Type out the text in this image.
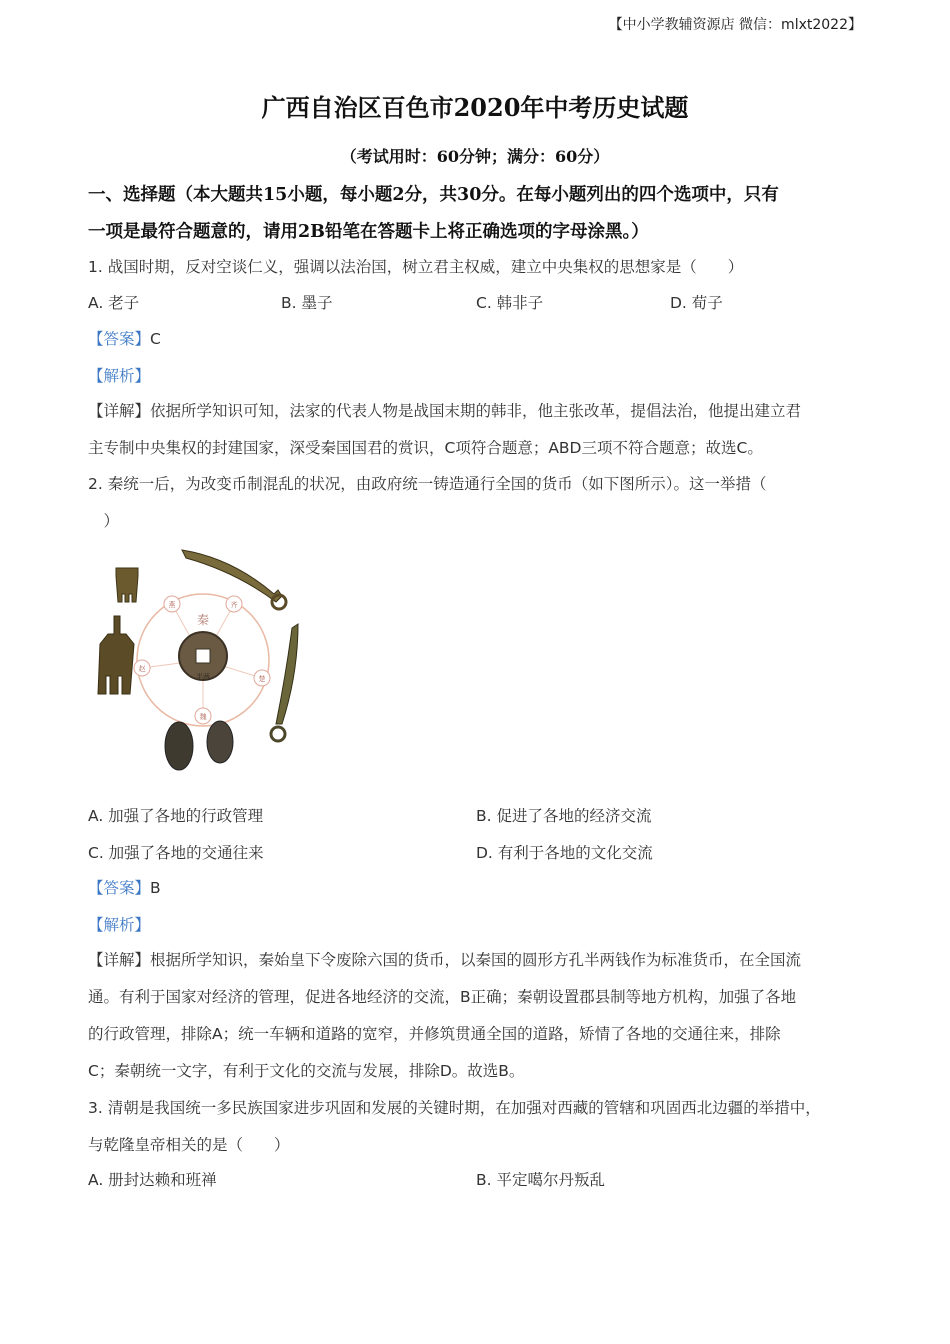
【中小学教辅资源店 微信：mlxt2022】
广西自治区百色市2020年中考历史试题
（考试用时：60分钟；满分：60分）
一、选择题（本大题共15小题，每小题2分，共30分。在每小题列出的四个选项中，只有
一项是最符合题意的，请用2B铅笔在答题卡上将正确选项的字母涂黑。）
1. 战国时期，反对空谈仁义，强调以法治国，树立君主权威，建立中央集权的思想家是（　　）
A. 老子	B. 墨子	C. 韩非子	D. 荀子
【答案】C
【解析】
【详解】依据所学知识可知，法家的代表人物是战国末期的韩非，他主张改革，提倡法治，他提出建立君
主专制中央集权的封建国家，深受秦国国君的赏识，C项符合题意；ABD三项不符合题意；故选C。
2. 秦统一后，为改变币制混乱的状况，由政府统一铸造通行全国的货币（如下图所示）。这一举措（
　）
燕	齐
赵
楚
魏
秦
半两
A. 加强了各地的行政管理	B. 促进了各地的经济交流
C. 加强了各地的交通往来	D. 有利于各地的文化交流
【答案】B
【解析】
【详解】根据所学知识，秦始皇下令废除六国的货币，以秦国的圆形方孔半两钱作为标准货币，在全国流
通。有利于国家对经济的管理，促进各地经济的交流，B正确；秦朝设置郡县制等地方机构，加强了各地
的行政管理，排除A；统一车辆和道路的宽窄，并修筑贯通全国的道路，矫情了各地的交通往来，排除
C；秦朝统一文字，有利于文化的交流与发展，排除D。故选B。
3. 清朝是我国统一多民族国家进步巩固和发展的关键时期，在加强对西藏的管辖和巩固西北边疆的举措中，
与乾隆皇帝相关的是（　　）
A. 册封达赖和班禅	B. 平定噶尔丹叛乱
